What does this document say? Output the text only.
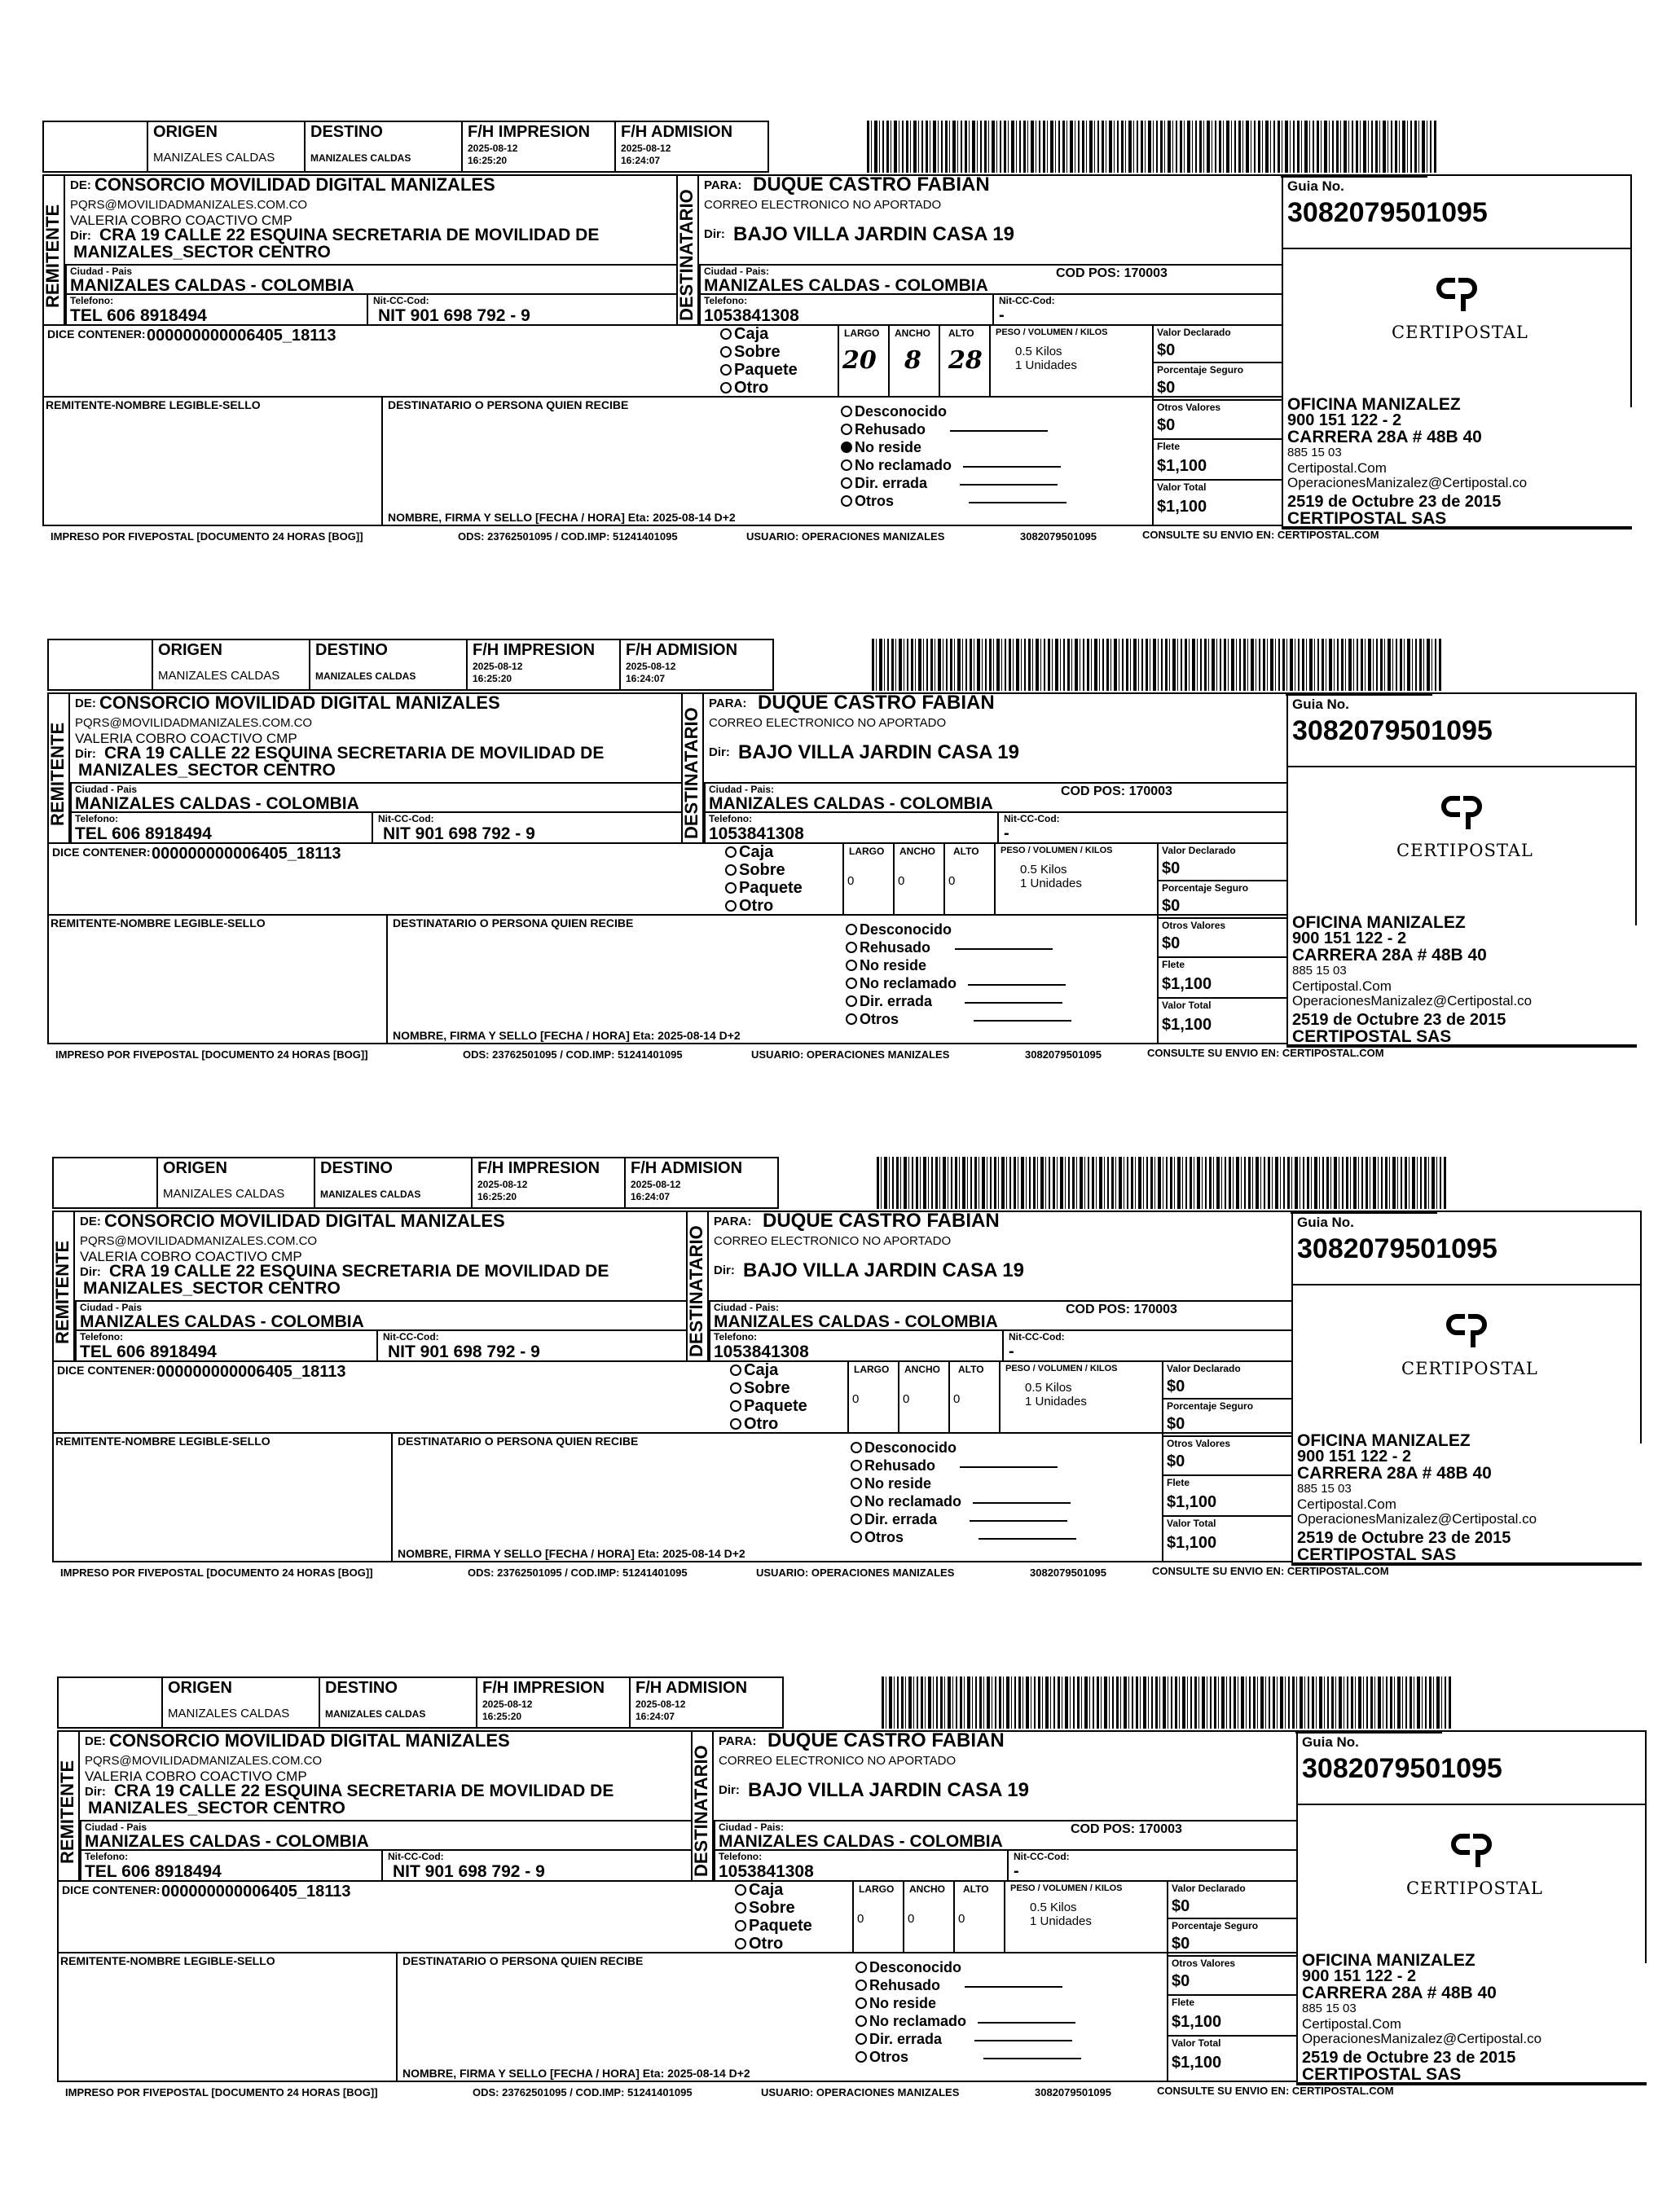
ORIGEN
MANIZALES CALDAS
DESTINO
MANIZALES CALDAS
F/H IMPRESION
2025-08-12
16:25:20
F/H ADMISION
2025-08-12
16:24:07
REMITENTE
DE: CONSORCIO MOVILIDAD DIGITAL MANIZALES
PQRS@MOVILIDADMANIZALES.COM.CO
VALERIA COBRO COACTIVO CMP
Dir: CRA 19 CALLE 22 ESQUINA SECRETARIA DE MOVILIDAD DE
MANIZALES_SECTOR CENTRO
Ciudad - Pais
MANIZALES CALDAS - COLOMBIA
Telefono:
TEL 606 8918494
Nit-CC-Cod:
NIT 901 698 792 - 9	DESTINATARIO
PARA: DUQUE CASTRO FABIAN
CORREO ELECTRONICO NO APORTADO
Dir: BAJO VILLA JARDIN CASA 19
Ciudad - Pais:
MANIZALES CALDAS - COLOMBIA
COD POS: 170003
Telefono:
1053841308
Nit-CC-Cod:
-
Guia No.
3082079501095
CERTIPOSTAL
OFICINA MANIZALEZ
900 151 122 - 2
CARRERA 28A # 48B 40
885 15 03
Certipostal.Com
OperacionesManizalez@Certipostal.co
2519 de Octubre 23 de 2015
CERTIPOSTAL SAS
DICE CONTENER: 000000000006405_18113	Caja
Sobre
Paquete
Otro
LARGO
20
ANCHO
8
ALTO
28
PESO / VOLUMEN / KILOS
0.5 Kilos
1 Unidades
Valor Declarado
$0
Porcentaje Seguro
$0
Otros Valores
$0
Flete
$1,100
Valor Total
$1,100
REMITENTE-NOMBRE LEGIBLE-SELLO	DESTINATARIO O PERSONA QUIEN RECIBE	Desconocido
Rehusado
No reside
No reclamado
Dir. errada
Otros
NOMBRE, FIRMA Y SELLO [FECHA / HORA] Eta: 2025-08-14 D+2
IMPRESO POR FIVEPOSTAL [DOCUMENTO 24 HORAS [BOG]]	ODS: 23762501095 / COD.IMP: 51241401095	USUARIO: OPERACIONES MANIZALES	3082079501095	CONSULTE SU ENVIO EN: CERTIPOSTAL.COM
ORIGEN
MANIZALES CALDAS
DESTINO
MANIZALES CALDAS
F/H IMPRESION
2025-08-12
16:25:20
F/H ADMISION
2025-08-12
16:24:07
REMITENTE
DE: CONSORCIO MOVILIDAD DIGITAL MANIZALES
PQRS@MOVILIDADMANIZALES.COM.CO
VALERIA COBRO COACTIVO CMP
Dir: CRA 19 CALLE 22 ESQUINA SECRETARIA DE MOVILIDAD DE
MANIZALES_SECTOR CENTRO
Ciudad - Pais
MANIZALES CALDAS - COLOMBIA
Telefono:
TEL 606 8918494
Nit-CC-Cod:
NIT 901 698 792 - 9	DESTINATARIO
PARA: DUQUE CASTRO FABIAN
CORREO ELECTRONICO NO APORTADO
Dir: BAJO VILLA JARDIN CASA 19
Ciudad - Pais:
MANIZALES CALDAS - COLOMBIA
COD POS: 170003
Telefono:
1053841308
Nit-CC-Cod:
-
Guia No.
3082079501095
CERTIPOSTAL
OFICINA MANIZALEZ
900 151 122 - 2
CARRERA 28A # 48B 40
885 15 03
Certipostal.Com
OperacionesManizalez@Certipostal.co
2519 de Octubre 23 de 2015
CERTIPOSTAL SAS
DICE CONTENER: 000000000006405_18113	Caja
Sobre
Paquete
Otro
LARGO
0
ANCHO
0
ALTO
0
PESO / VOLUMEN / KILOS
0.5 Kilos
1 Unidades
Valor Declarado
$0
Porcentaje Seguro
$0
Otros Valores
$0
Flete
$1,100
Valor Total
$1,100
REMITENTE-NOMBRE LEGIBLE-SELLO	DESTINATARIO O PERSONA QUIEN RECIBE	Desconocido
Rehusado
No reside
No reclamado
Dir. errada
Otros
NOMBRE, FIRMA Y SELLO [FECHA / HORA] Eta: 2025-08-14 D+2
IMPRESO POR FIVEPOSTAL [DOCUMENTO 24 HORAS [BOG]]	ODS: 23762501095 / COD.IMP: 51241401095	USUARIO: OPERACIONES MANIZALES	3082079501095	CONSULTE SU ENVIO EN: CERTIPOSTAL.COM
ORIGEN
MANIZALES CALDAS
DESTINO
MANIZALES CALDAS
F/H IMPRESION
2025-08-12
16:25:20
F/H ADMISION
2025-08-12
16:24:07
REMITENTE
DE: CONSORCIO MOVILIDAD DIGITAL MANIZALES
PQRS@MOVILIDADMANIZALES.COM.CO
VALERIA COBRO COACTIVO CMP
Dir: CRA 19 CALLE 22 ESQUINA SECRETARIA DE MOVILIDAD DE
MANIZALES_SECTOR CENTRO
Ciudad - Pais
MANIZALES CALDAS - COLOMBIA
Telefono:
TEL 606 8918494
Nit-CC-Cod:
NIT 901 698 792 - 9	DESTINATARIO
PARA: DUQUE CASTRO FABIAN
CORREO ELECTRONICO NO APORTADO
Dir: BAJO VILLA JARDIN CASA 19
Ciudad - Pais:
MANIZALES CALDAS - COLOMBIA
COD POS: 170003
Telefono:
1053841308
Nit-CC-Cod:
-
Guia No.
3082079501095
CERTIPOSTAL
OFICINA MANIZALEZ
900 151 122 - 2
CARRERA 28A # 48B 40
885 15 03
Certipostal.Com
OperacionesManizalez@Certipostal.co
2519 de Octubre 23 de 2015
CERTIPOSTAL SAS
DICE CONTENER: 000000000006405_18113	Caja
Sobre
Paquete
Otro
LARGO
0
ANCHO
0
ALTO
0
PESO / VOLUMEN / KILOS
0.5 Kilos
1 Unidades
Valor Declarado
$0
Porcentaje Seguro
$0
Otros Valores
$0
Flete
$1,100
Valor Total
$1,100
REMITENTE-NOMBRE LEGIBLE-SELLO	DESTINATARIO O PERSONA QUIEN RECIBE	Desconocido
Rehusado
No reside
No reclamado
Dir. errada
Otros
NOMBRE, FIRMA Y SELLO [FECHA / HORA] Eta: 2025-08-14 D+2
IMPRESO POR FIVEPOSTAL [DOCUMENTO 24 HORAS [BOG]]	ODS: 23762501095 / COD.IMP: 51241401095	USUARIO: OPERACIONES MANIZALES	3082079501095	CONSULTE SU ENVIO EN: CERTIPOSTAL.COM
ORIGEN
MANIZALES CALDAS
DESTINO
MANIZALES CALDAS
F/H IMPRESION
2025-08-12
16:25:20
F/H ADMISION
2025-08-12
16:24:07
REMITENTE
DE: CONSORCIO MOVILIDAD DIGITAL MANIZALES
PQRS@MOVILIDADMANIZALES.COM.CO
VALERIA COBRO COACTIVO CMP
Dir: CRA 19 CALLE 22 ESQUINA SECRETARIA DE MOVILIDAD DE
MANIZALES_SECTOR CENTRO
Ciudad - Pais
MANIZALES CALDAS - COLOMBIA
Telefono:
TEL 606 8918494
Nit-CC-Cod:
NIT 901 698 792 - 9	DESTINATARIO
PARA: DUQUE CASTRO FABIAN
CORREO ELECTRONICO NO APORTADO
Dir: BAJO VILLA JARDIN CASA 19
Ciudad - Pais:
MANIZALES CALDAS - COLOMBIA
COD POS: 170003
Telefono:
1053841308
Nit-CC-Cod:
-
Guia No.
3082079501095
CERTIPOSTAL
OFICINA MANIZALEZ
900 151 122 - 2
CARRERA 28A # 48B 40
885 15 03
Certipostal.Com
OperacionesManizalez@Certipostal.co
2519 de Octubre 23 de 2015
CERTIPOSTAL SAS
DICE CONTENER: 000000000006405_18113	Caja
Sobre
Paquete
Otro
LARGO
0
ANCHO
0
ALTO
0
PESO / VOLUMEN / KILOS
0.5 Kilos
1 Unidades
Valor Declarado
$0
Porcentaje Seguro
$0
Otros Valores
$0
Flete
$1,100
Valor Total
$1,100
REMITENTE-NOMBRE LEGIBLE-SELLO	DESTINATARIO O PERSONA QUIEN RECIBE	Desconocido
Rehusado
No reside
No reclamado
Dir. errada
Otros
NOMBRE, FIRMA Y SELLO [FECHA / HORA] Eta: 2025-08-14 D+2
IMPRESO POR FIVEPOSTAL [DOCUMENTO 24 HORAS [BOG]]	ODS: 23762501095 / COD.IMP: 51241401095	USUARIO: OPERACIONES MANIZALES	3082079501095	CONSULTE SU ENVIO EN: CERTIPOSTAL.COM
